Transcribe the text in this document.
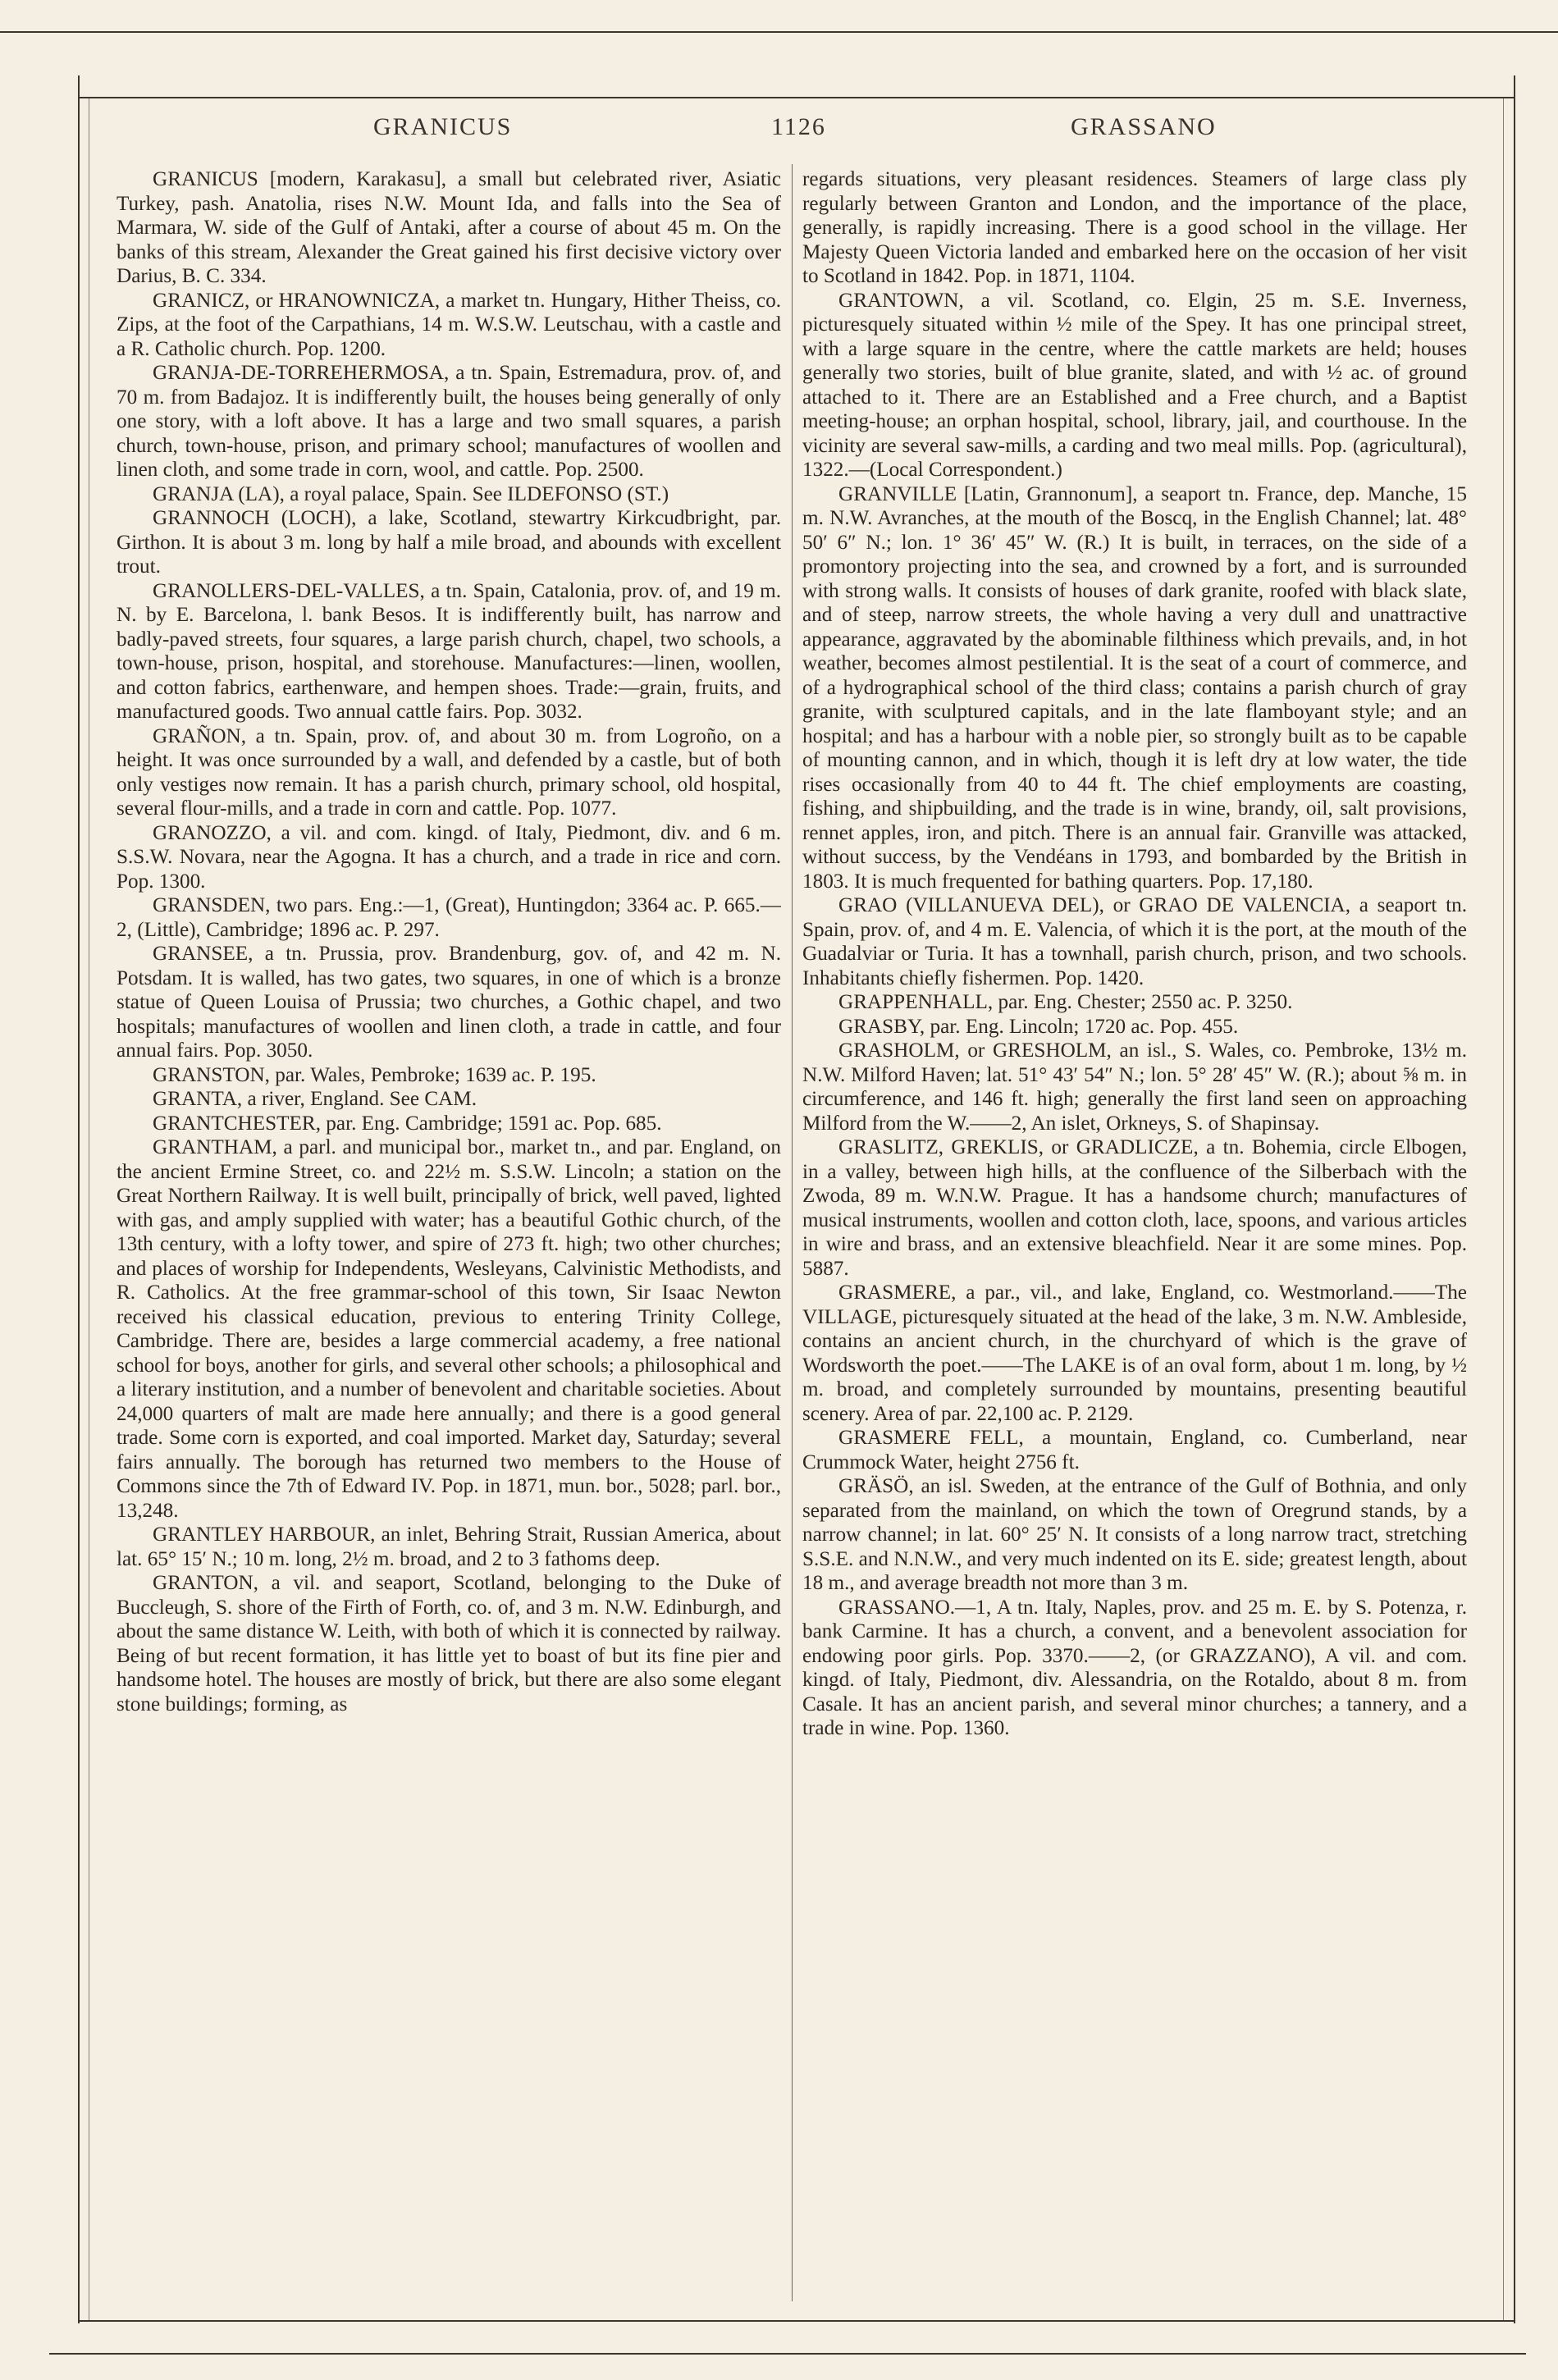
GRANICUS	1126	GRASSANO

GRANICUS [modern, Karakasu], a small but celebrated river, Asiatic Turkey, pash. Anatolia, rises N.W. Mount Ida, and falls into the Sea of Marmara, W. side of the Gulf of Antaki, after a course of about 45 m. On the banks of this stream, Alexander the Great gained his first decisive victory over Darius, B. C. 334.

GRANICZ, or HRANOWNICZA, a market tn. Hungary, Hither Theiss, co. Zips, at the foot of the Carpathians, 14 m. W.S.W. Leutschau, with a castle and a R. Catholic church. Pop. 1200.

GRANJA-DE-TORREHERMOSA, a tn. Spain, Estremadura, prov. of, and 70 m. from Badajoz. It is indifferently built, the houses being generally of only one story, with a loft above. It has a large and two small squares, a parish church, town-house, prison, and primary school; manufactures of woollen and linen cloth, and some trade in corn, wool, and cattle. Pop. 2500.

GRANJA (LA), a royal palace, Spain. See ILDEFONSO (ST.)

GRANNOCH (LOCH), a lake, Scotland, stewartry Kirkcudbright, par. Girthon. It is about 3 m. long by half a mile broad, and abounds with excellent trout.

GRANOLLERS-DEL-VALLES, a tn. Spain, Catalonia, prov. of, and 19 m. N. by E. Barcelona, l. bank Besos. It is indifferently built, has narrow and badly-paved streets, four squares, a large parish church, chapel, two schools, a town-house, prison, hospital, and storehouse. Manufactures:—linen, woollen, and cotton fabrics, earthenware, and hempen shoes. Trade:—grain, fruits, and manufactured goods. Two annual cattle fairs. Pop. 3032.

GRAÑON, a tn. Spain, prov. of, and about 30 m. from Logroño, on a height. It was once surrounded by a wall, and defended by a castle, but of both only vestiges now remain. It has a parish church, primary school, old hospital, several flour-mills, and a trade in corn and cattle. Pop. 1077.

GRANOZZO, a vil. and com. kingd. of Italy, Piedmont, div. and 6 m. S.S.W. Novara, near the Agogna. It has a church, and a trade in rice and corn. Pop. 1300.

GRANSDEN, two pars. Eng.:—1, (Great), Huntingdon; 3364 ac. P. 665.—2, (Little), Cambridge; 1896 ac. P. 297.

GRANSEE, a tn. Prussia, prov. Brandenburg, gov. of, and 42 m. N. Potsdam. It is walled, has two gates, two squares, in one of which is a bronze statue of Queen Louisa of Prussia; two churches, a Gothic chapel, and two hospitals; manufactures of woollen and linen cloth, a trade in cattle, and four annual fairs. Pop. 3050.

GRANSTON, par. Wales, Pembroke; 1639 ac. P. 195.

GRANTA, a river, England. See CAM.

GRANTCHESTER, par. Eng. Cambridge; 1591 ac. Pop. 685.

GRANTHAM, a parl. and municipal bor., market tn., and par. England, on the ancient Ermine Street, co. and 22½ m. S.S.W. Lincoln; a station on the Great Northern Railway. It is well built, principally of brick, well paved, lighted with gas, and amply supplied with water; has a beautiful Gothic church, of the 13th century, with a lofty tower, and spire of 273 ft. high; two other churches; and places of worship for Independents, Wesleyans, Calvinistic Methodists, and R. Catholics. At the free grammar-school of this town, Sir Isaac Newton received his classical education, previous to entering Trinity College, Cambridge. There are, besides a large commercial academy, a free national school for boys, another for girls, and several other schools; a philosophical and a literary institution, and a number of benevolent and charitable societies. About 24,000 quarters of malt are made here annually; and there is a good general trade. Some corn is exported, and coal imported. Market day, Saturday; several fairs annually. The borough has returned two members to the House of Commons since the 7th of Edward IV. Pop. in 1871, mun. bor., 5028; parl. bor., 13,248.

GRANTLEY HARBOUR, an inlet, Behring Strait, Russian America, about lat. 65° 15′ N.; 10 m. long, 2½ m. broad, and 2 to 3 fathoms deep.

GRANTON, a vil. and seaport, Scotland, belonging to the Duke of Buccleugh, S. shore of the Firth of Forth, co. of, and 3 m. N.W. Edinburgh, and about the same distance W. Leith, with both of which it is connected by railway. Being of but recent formation, it has little yet to boast of but its fine pier and handsome hotel. The houses are mostly of brick, but there are also some elegant stone buildings; forming, as

regards situations, very pleasant residences. Steamers of large class ply regularly between Granton and London, and the importance of the place, generally, is rapidly increasing. There is a good school in the village. Her Majesty Queen Victoria landed and embarked here on the occasion of her visit to Scotland in 1842. Pop. in 1871, 1104.

GRANTOWN, a vil. Scotland, co. Elgin, 25 m. S.E. Inverness, picturesquely situated within ½ mile of the Spey. It has one principal street, with a large square in the centre, where the cattle markets are held; houses generally two stories, built of blue granite, slated, and with ½ ac. of ground attached to it. There are an Established and a Free church, and a Baptist meeting-house; an orphan hospital, school, library, jail, and courthouse. In the vicinity are several saw-mills, a carding and two meal mills. Pop. (agricultural), 1322.—(Local Correspondent.)

GRANVILLE [Latin, Grannonum], a seaport tn. France, dep. Manche, 15 m. N.W. Avranches, at the mouth of the Boscq, in the English Channel; lat. 48° 50′ 6″ N.; lon. 1° 36′ 45″ W. (R.) It is built, in terraces, on the side of a promontory projecting into the sea, and crowned by a fort, and is surrounded with strong walls. It consists of houses of dark granite, roofed with black slate, and of steep, narrow streets, the whole having a very dull and unattractive appearance, aggravated by the abominable filthiness which prevails, and, in hot weather, becomes almost pestilential. It is the seat of a court of commerce, and of a hydrographical school of the third class; contains a parish church of gray granite, with sculptured capitals, and in the late flamboyant style; and an hospital; and has a harbour with a noble pier, so strongly built as to be capable of mounting cannon, and in which, though it is left dry at low water, the tide rises occasionally from 40 to 44 ft. The chief employments are coasting, fishing, and shipbuilding, and the trade is in wine, brandy, oil, salt provisions, rennet apples, iron, and pitch. There is an annual fair. Granville was attacked, without success, by the Vendéans in 1793, and bombarded by the British in 1803. It is much frequented for bathing quarters. Pop. 17,180.

GRAO (VILLANUEVA DEL), or GRAO DE VALENCIA, a seaport tn. Spain, prov. of, and 4 m. E. Valencia, of which it is the port, at the mouth of the Guadalviar or Turia. It has a townhall, parish church, prison, and two schools. Inhabitants chiefly fishermen. Pop. 1420.

GRAPPENHALL, par. Eng. Chester; 2550 ac. P. 3250.

GRASBY, par. Eng. Lincoln; 1720 ac. Pop. 455.

GRASHOLM, or GRESHOLM, an isl., S. Wales, co. Pembroke, 13½ m. N.W. Milford Haven; lat. 51° 43′ 54″ N.; lon. 5° 28′ 45″ W. (R.); about ⅝ m. in circumference, and 146 ft. high; generally the first land seen on approaching Milford from the W.——2, An islet, Orkneys, S. of Shapinsay.

GRASLITZ, GREKLIS, or GRADLICZE, a tn. Bohemia, circle Elbogen, in a valley, between high hills, at the confluence of the Silberbach with the Zwoda, 89 m. W.N.W. Prague. It has a handsome church; manufactures of musical instruments, woollen and cotton cloth, lace, spoons, and various articles in wire and brass, and an extensive bleachfield. Near it are some mines. Pop. 5887.

GRASMERE, a par., vil., and lake, England, co. Westmorland.——The VILLAGE, picturesquely situated at the head of the lake, 3 m. N.W. Ambleside, contains an ancient church, in the churchyard of which is the grave of Wordsworth the poet.——The LAKE is of an oval form, about 1 m. long, by ½ m. broad, and completely surrounded by mountains, presenting beautiful scenery. Area of par. 22,100 ac. P. 2129.

GRASMERE FELL, a mountain, England, co. Cumberland, near Crummock Water, height 2756 ft.

GRÄSÖ, an isl. Sweden, at the entrance of the Gulf of Bothnia, and only separated from the mainland, on which the town of Oregrund stands, by a narrow channel; in lat. 60° 25′ N. It consists of a long narrow tract, stretching S.S.E. and N.N.W., and very much indented on its E. side; greatest length, about 18 m., and average breadth not more than 3 m.

GRASSANO.—1, A tn. Italy, Naples, prov. and 25 m. E. by S. Potenza, r. bank Carmine. It has a church, a convent, and a benevolent association for endowing poor girls. Pop. 3370.——2, (or GRAZZANO), A vil. and com. kingd. of Italy, Piedmont, div. Alessandria, on the Rotaldo, about 8 m. from Casale. It has an ancient parish, and several minor churches; a tannery, and a trade in wine. Pop. 1360.
